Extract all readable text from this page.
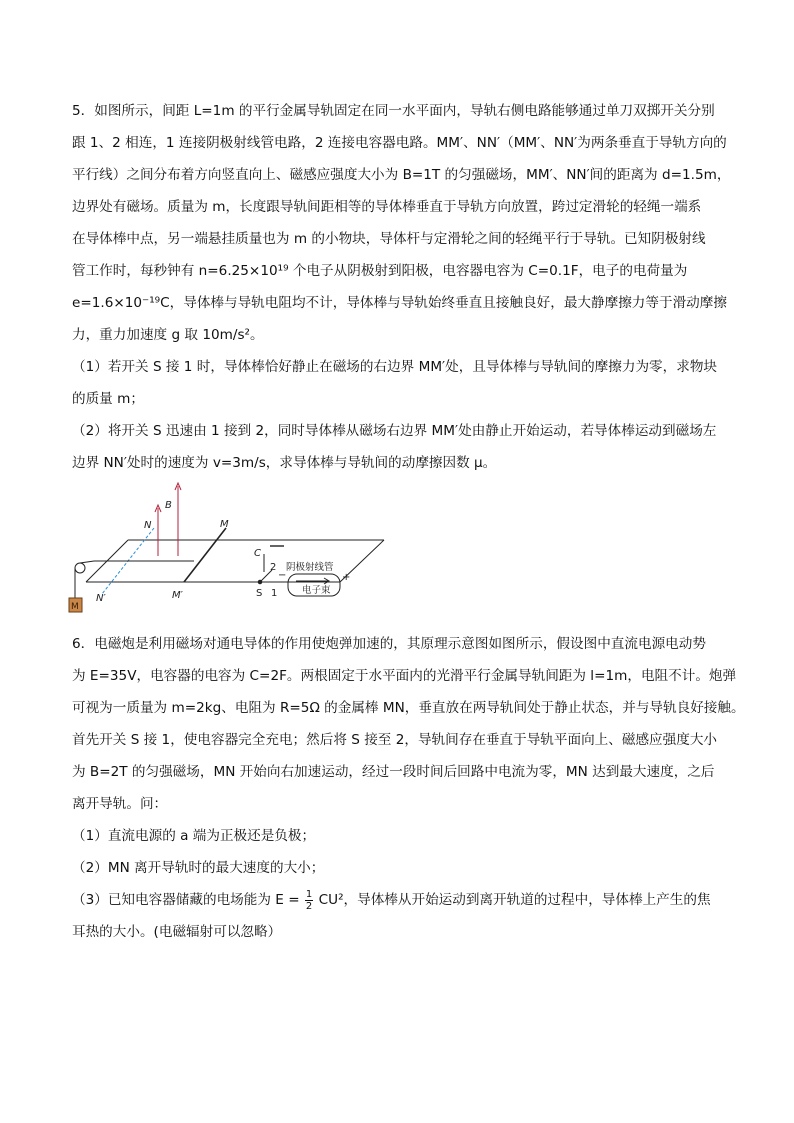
5．如图所示，间距 L=1m 的平行金属导轨固定在同一水平面内，导轨右侧电路能够通过单刀双掷开关分别
跟 1、2 相连，1 连接阴极射线管电路，2 连接电容器电路。MM′、NN′（MM′、NN′为两条垂直于导轨方向的
平行线）之间分布着方向竖直向上、磁感应强度大小为 B=1T 的匀强磁场，MM′、NN′间的距离为 d=1.5m，
边界处有磁场。质量为 m，长度跟导轨间距相等的导体棒垂直于导轨方向放置，跨过定滑轮的轻绳一端系
在导体棒中点，另一端悬挂质量也为 m 的小物块，导体杆与定滑轮之间的轻绳平行于导轨。已知阴极射线
管工作时，每秒钟有 n=6.25×10¹⁹ 个电子从阴极射到阳极，电容器电容为 C=0.1F，电子的电荷量为
e=1.6×10⁻¹⁹C，导体棒与导轨电阻均不计，导体棒与导轨始终垂直且接触良好，最大静摩擦力等于滑动摩擦
力，重力加速度 g 取 10m/s²。

（1）若开关 S 接 1 时，导体棒恰好静止在磁场的右边界 MM′处，且导体棒与导轨间的摩擦力为零，求物块
的质量 m；

（2）将开关 S 迅速由 1 接到 2，同时导体棒从磁场右边界 MM′处由静止开始运动，若导体棒运动到磁场左
边界 NN′处时的速度为 v=3m/s，求导体棒与导轨间的动摩擦因数 μ。

N	M
B
N′	M′
C
2
S 1
阴极射线管
电子束
−	+
M

6．电磁炮是利用磁场对通电导体的作用使炮弹加速的，其原理示意图如图所示，假设图中直流电源电动势
为 E=35V，电容器的电容为 C=2F。两根固定于水平面内的光滑平行金属导轨间距为 l=1m，电阻不计。炮弹
可视为一质量为 m=2kg、电阻为 R=5Ω 的金属棒 MN，垂直放在两导轨间处于静止状态，并与导轨良好接触。
首先开关 S 接 1，使电容器完全充电；然后将 S 接至 2，导轨间存在垂直于导轨平面向上、磁感应强度大小
为 B=2T 的匀强磁场，MN 开始向右加速运动，经过一段时间后回路中电流为零，MN 达到最大速度，之后
离开导轨。问：

（1）直流电源的 a 端为正极还是负极；

（2）MN 离开导轨时的最大速度的大小；

（3）已知电容器储藏的电场能为 $E = \frac{1}{2} CU^2$，导体棒从开始运动到离开轨道的过程中，导体棒上产生的焦
耳热的大小。(电磁辐射可以忽略）
